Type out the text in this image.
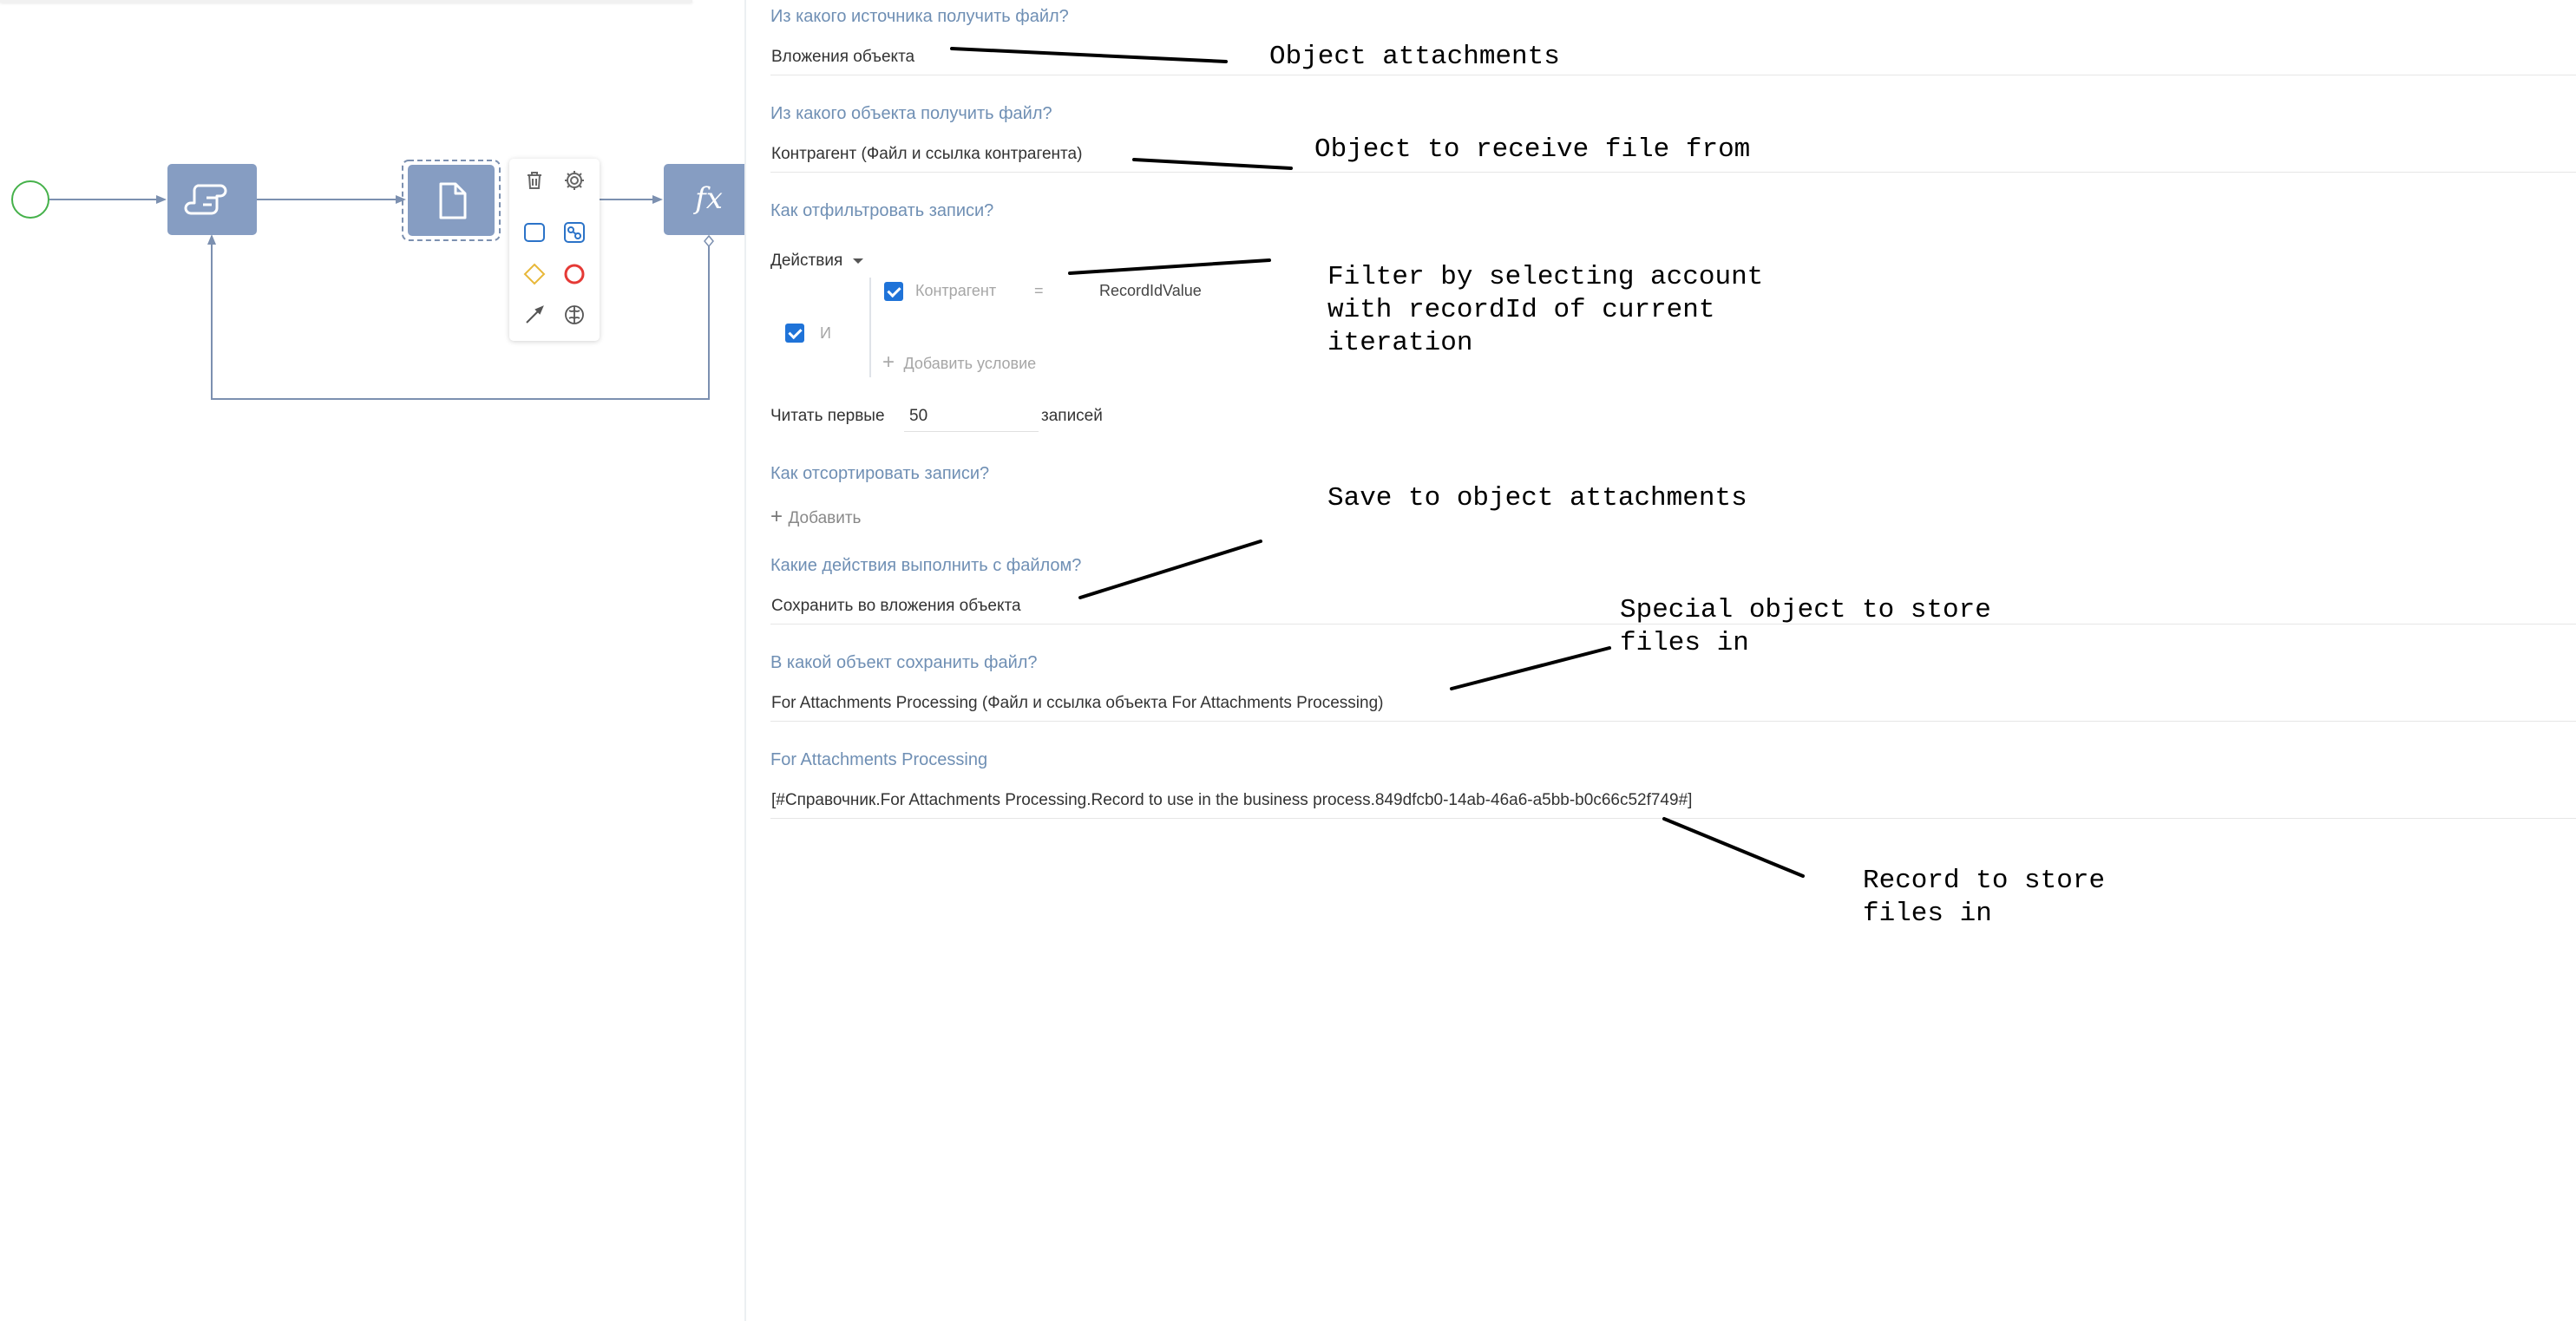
fx
Из какого источника получить файл?
Вложения объекта
Из какого объекта получить файл?
Контрагент (Файл и ссылка контрагента)
Как отфильтровать записи?
Действия
И
Контрагент =	RecordIdValue
+ Добавить условие
Читать первые 50	записей
Как отсортировать записи?
+ Добавить
Какие действия выполнить с файлом?
Сохранить во вложения объекта
В какой объект сохранить файл?
For Attachments Processing (Файл и ссылка объекта For Attachments Processing)
For Attachments Processing
[#Справочник.For Attachments Processing.Record to use in the business process.849dfcb0-14ab-46a6-a5bb-b0c66c52f749#]
Object attachments
Object to receive file from
Filter by selecting account
with recordId of current
iteration
Save to object attachments
Special object to store
files in
Record to store
files in
